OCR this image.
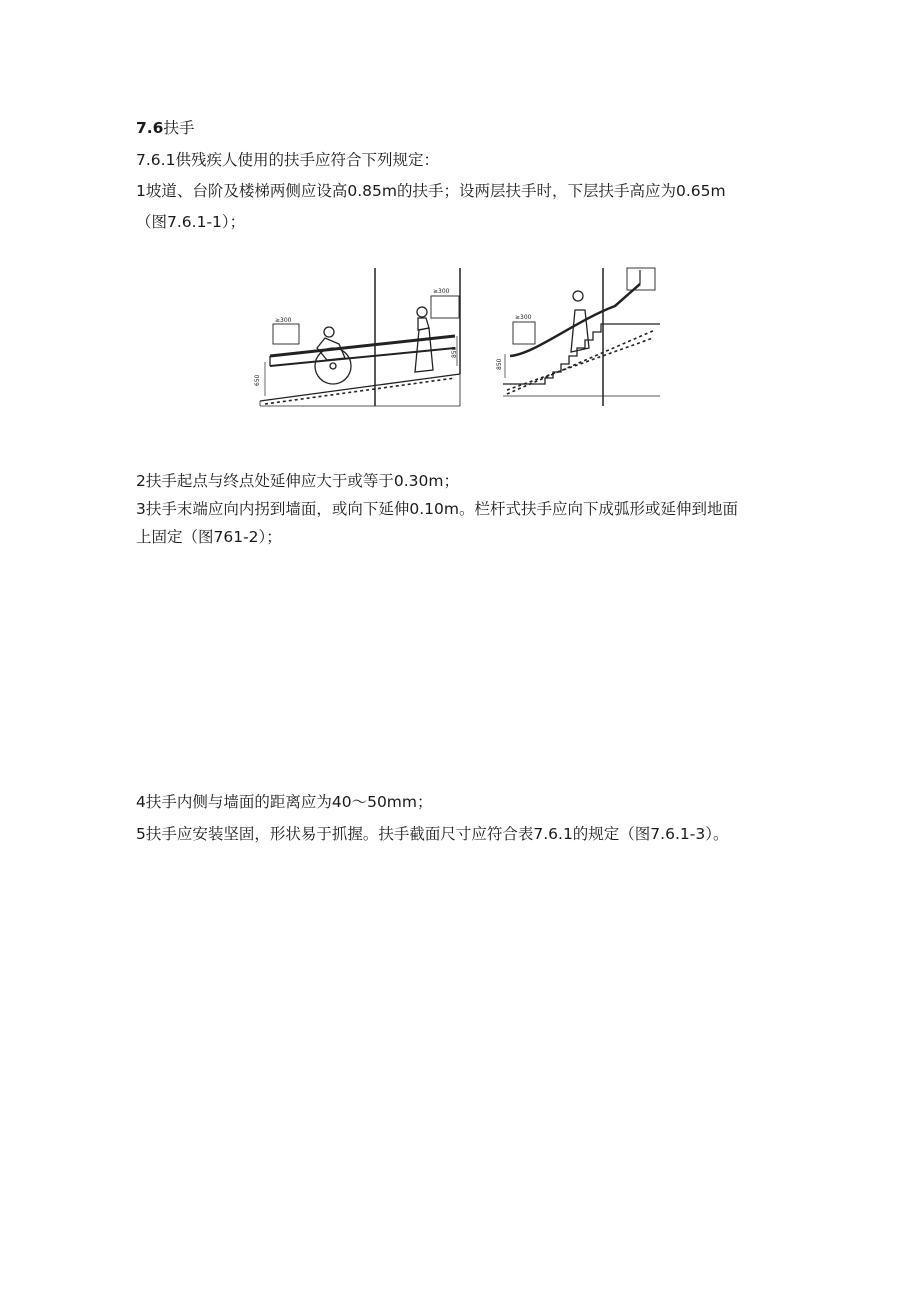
7.6扶手
7.6.1供残疾人使用的扶手应符合下列规定：
1坡道、台阶及楼梯两侧应设高0.85m的扶手；设两层扶手时，下层扶手高应为0.65m
（图7.6.1-1）；
≥300
≥300
≥300
650
850
850
2扶手起点与终点处延伸应大于或等于0.30m；
3扶手末端应向内拐到墙面，或向下延伸0.10m。栏杆式扶手应向下成弧形或延伸到地面
上固定（图761-2）；
4扶手内侧与墙面的距离应为40～50mm；
5扶手应安装坚固，形状易于抓握。扶手截面尺寸应符合表7.6.1的规定（图7.6.1-3）。
